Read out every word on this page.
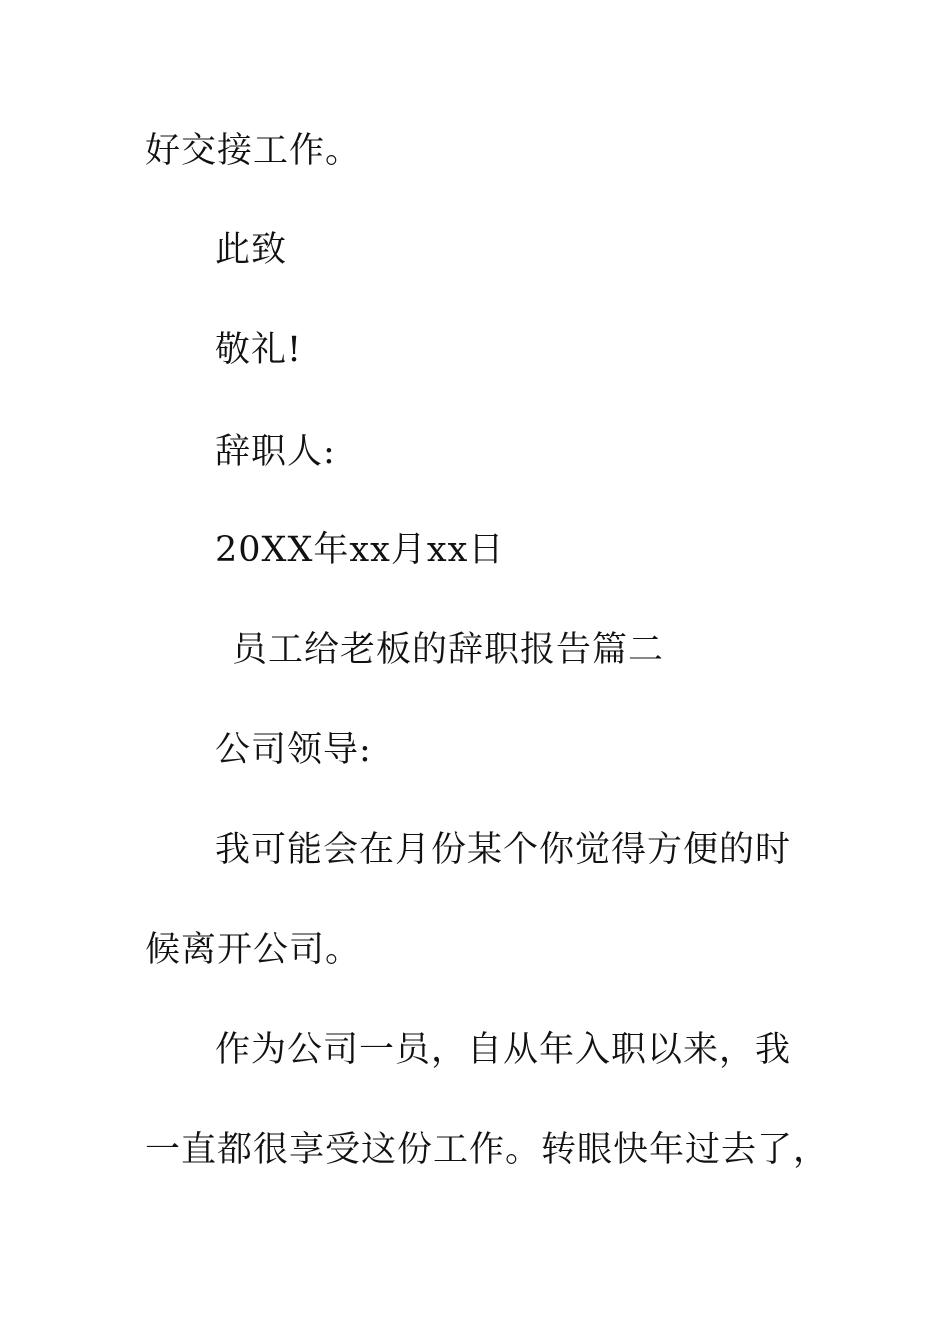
好交接工作。
此致
敬礼!
辞职人:
20XX年xx月xx日
员工给老板的辞职报告篇二
公司领导:
我可能会在月份某个你觉得方便的时
候离开公司。
作为公司一员，自从年入职以来，我
一直都很享受这份工作。转眼快年过去了，
